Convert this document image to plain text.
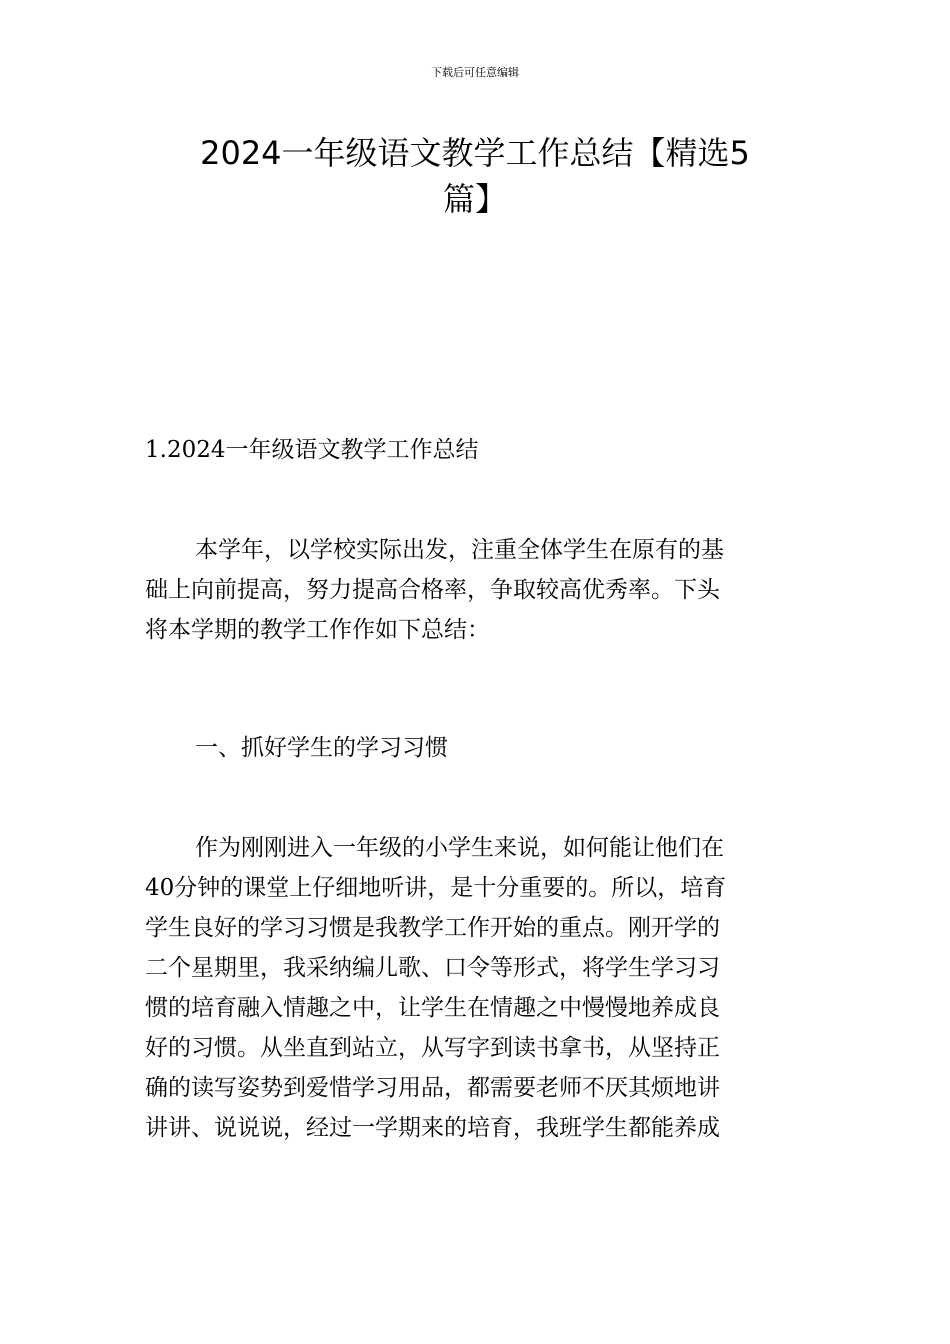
下载后可任意编辑
2024一年级语文教学工作总结【精选5
篇】

1.2024一年级语文教学工作总结

本学年，以学校实际出发，注重全体学生在原有的基
础上向前提高，努力提高合格率，争取较高优秀率。下头
将本学期的教学工作作如下总结：

一、抓好学生的学习习惯

作为刚刚进入一年级的小学生来说，如何能让他们在
40分钟的课堂上仔细地听讲，是十分重要的。所以，培育
学生良好的学习习惯是我教学工作开始的重点。刚开学的
二个星期里，我采纳编儿歌、口令等形式，将学生学习习
惯的培育融入情趣之中，让学生在情趣之中慢慢地养成良
好的习惯。从坐直到站立，从写字到读书拿书，从坚持正
确的读写姿势到爱惜学习用品，都需要老师不厌其烦地讲
讲讲、说说说，经过一学期来的培育，我班学生都能养成
